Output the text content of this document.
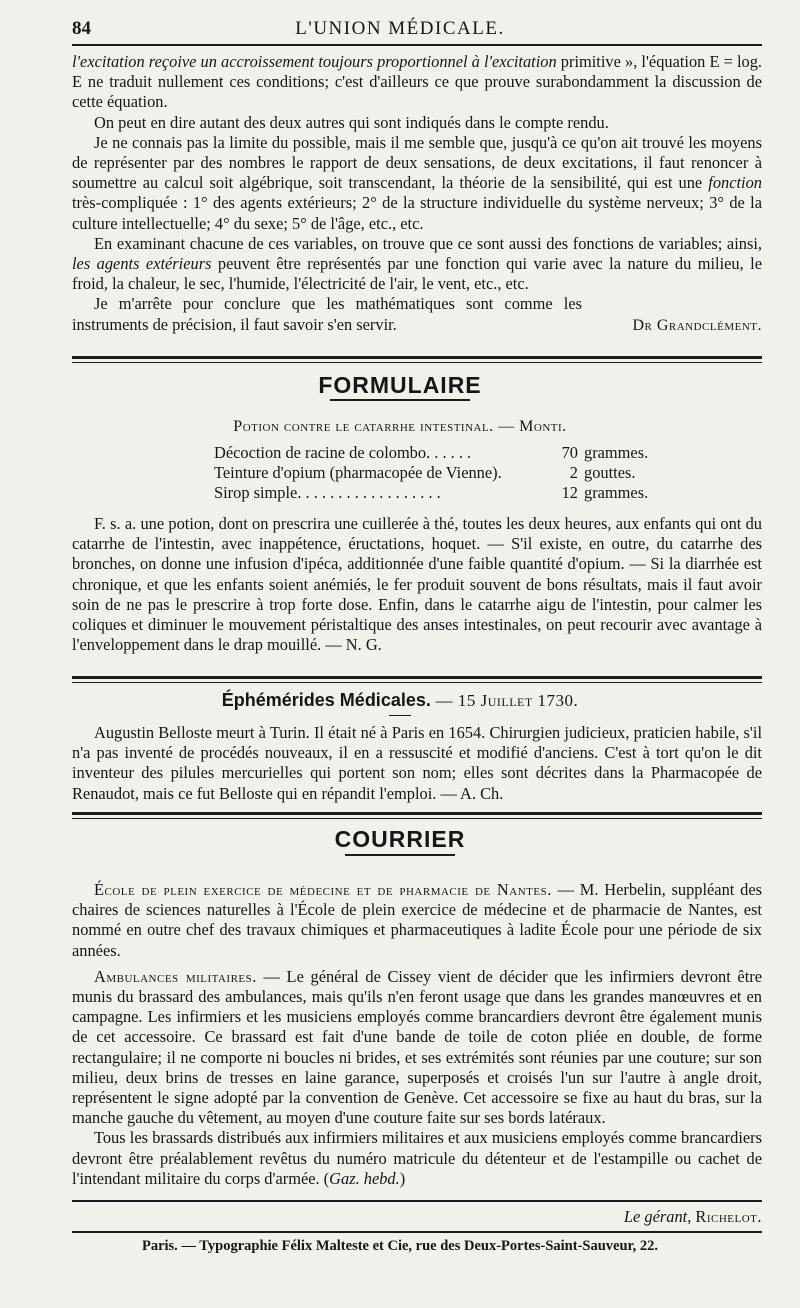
84	L'UNION MÉDICALE.

l'excitation reçoive un accroissement toujours proportionnel à l'excitation primitive », l'équation E = log. E ne traduit nullement ces conditions; c'est d'ailleurs ce que prouve surabondamment la discussion de cette équation.

On peut en dire autant des deux autres qui sont indiqués dans le compte rendu.

Je ne connais pas la limite du possible, mais il me semble que, jusqu'à ce qu'on ait trouvé les moyens de représenter par des nombres le rapport de deux sensations, de deux excitations, il faut renoncer à soumettre au calcul soit algébrique, soit transcendant, la théorie de la sensibilité, qui est une fonction très-compliquée : 1° des agents extérieurs; 2° de la structure individuelle du système nerveux; 3° de la culture intellectuelle; 4° du sexe; 5° de l'âge, etc., etc.

En examinant chacune de ces variables, on trouve que ce sont aussi des fonctions de variables; ainsi, les agents extérieurs peuvent être représentés par une fonction qui varie avec la nature du milieu, le froid, la chaleur, le sec, l'humide, l'électricité de l'air, le vent, etc., etc.

Je m'arrête pour conclure que les mathématiques sont comme les instruments de précision, il faut savoir s'en servir.	Dr Grandclément.
FORMULAIRE
Potion contre le catarrhe intestinal. — Monti.
Décoction de racine de colombo. . . . . .	70 grammes.
Teinture d'opium (pharmacopée de Vienne).	2 gouttes.
Sirop simple. . . . . . . . . . . . . . . . . .	12 grammes.

F. s. a. une potion, dont on prescrira une cuillerée à thé, toutes les deux heures, aux enfants qui ont du catarrhe de l'intestin, avec inappétence, éructations, hoquet. — S'il existe, en outre, du catarrhe des bronches, on donne une infusion d'ipéca, additionnée d'une faible quantité d'opium. — Si la diarrhée est chronique, et que les enfants soient anémiés, le fer produit souvent de bons résultats, mais il faut avoir soin de ne pas le prescrire à trop forte dose. Enfin, dans le catarrhe aigu de l'intestin, pour calmer les coliques et diminuer le mouvement péristaltique des anses intestinales, on peut recourir avec avantage à l'enveloppement dans le drap mouillé. — N. G.

Éphémérides Médicales. — 15 Juillet 1730.

Augustin Belloste meurt à Turin. Il était né à Paris en 1654. Chirurgien judicieux, praticien habile, s'il n'a pas inventé de procédés nouveaux, il en a ressuscité et modifié d'anciens. C'est à tort qu'on le dit inventeur des pilules mercurielles qui portent son nom; elles sont décrites dans la Pharmacopée de Renaudot, mais ce fut Belloste qui en répandit l'emploi. — A. Ch.

COURRIER

École de plein exercice de médecine et de pharmacie de Nantes. — M. Herbelin, suppléant des chaires de sciences naturelles à l'École de plein exercice de médecine et de pharmacie de Nantes, est nommé en outre chef des travaux chimiques et pharmaceutiques à ladite École pour une période de six années.

Ambulances militaires. — Le général de Cissey vient de décider que les infirmiers devront être munis du brassard des ambulances, mais qu'ils n'en feront usage que dans les grandes manœuvres et en campagne. Les infirmiers et les musiciens employés comme brancardiers devront être également munis de cet accessoire. Ce brassard est fait d'une bande de toile de coton pliée en double, de forme rectangulaire; il ne comporte ni boucles ni brides, et ses extrémités sont réunies par une couture; sur son milieu, deux brins de tresses en laine garance, superposés et croisés l'un sur l'autre à angle droit, représentent le signe adopté par la convention de Genève. Cet accessoire se fixe au haut du bras, sur la manche gauche du vêtement, au moyen d'une couture faite sur ses bords latéraux.

Tous les brassards distribués aux infirmiers militaires et aux musiciens employés comme brancardiers devront être préalablement revêtus du numéro matricule du détenteur et de l'estampille ou cachet de l'intendant militaire du corps d'armée. (Gaz. hebd.)

Le gérant, Richelot.
Paris. — Typographie Félix Malteste et Cie, rue des Deux-Portes-Saint-Sauveur, 22.
